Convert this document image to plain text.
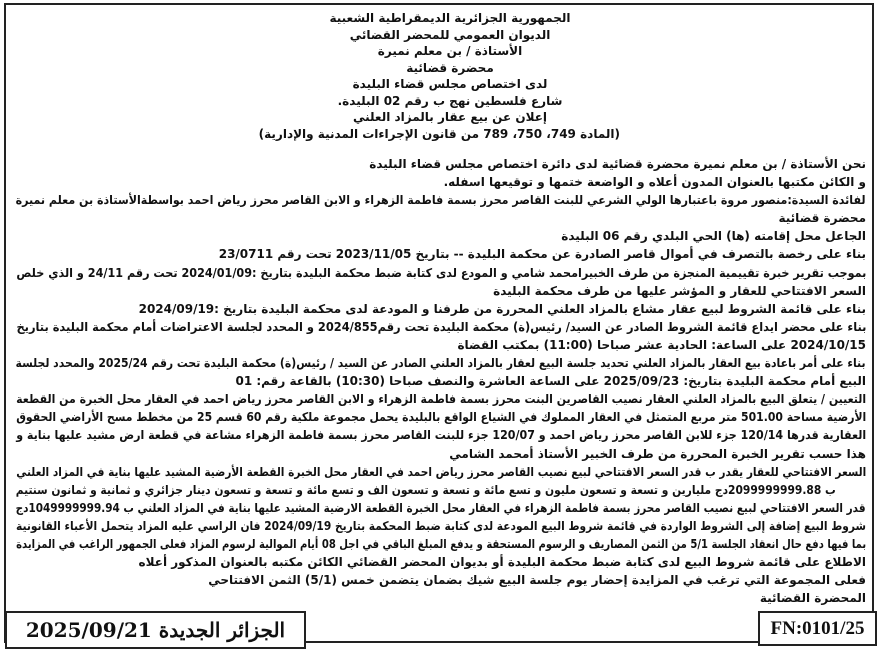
الجمهورية الجزائرية الديمقراطية الشعبية
الديوان العمومي للمحضر القضائي
الأستاذة / بن معلم نميرة
محضرة قضائية
لدى اختصاص مجلس قضاء البليدة
شارع فلسطين نهج ب رقم 02 البليدة.
إعلان عن بيع عقار بالمزاد العلني
(المادة 749، 750، 789 من قانون الإجراءات المدنية والإدارية)
نحن الأستاذة / بن معلم نميرة محضرة قضائية لدى دائرة اختصاص مجلس قضاء البليدة
و الكائن مكتبها بالعنوان المدون أعلاه و الواضعة ختمها و توقيعها اسفله.
لفائدة السيدة:منصور مروة باعتبارها الولي الشرعي للبنت القاصر محرز بسمة فاطمة الزهراء و الابن القاصر محرز رياض احمد بواسطةالأستاذة بن معلم نميرة
محضرة قضائية
الجاعل محل إقامته (ها) الحي البلدي رقم 06 البليدة
بناء على رخصة بالتصرف في أموال قاصر الصادرة عن محكمة البليدة -- بتاريخ 2023/11/05 تحت رقم 23/0711
بموجب تقرير خبرة تقييمية المنجزة من طرف الخبيرامحمد شامي و المودع لدى كتابة ضبط محكمة البليدة بتاريخ :2024/01/09 تحت رقم 24/11 و الذي خلص
السعر الافتتاحي للعقار و المؤشر عليها من طرف محكمة البليدة
بناء على قائمة الشروط لبيع عقار مشاع بالمزاد العلني المحررة من طرفنا و المودعة لدى محكمة البليدة بتاريخ :2024/09/19
بناء على محضر ايداع قائمة الشروط الصادر عن السيد/ رئيس(ة) محكمة البليدة تحت رقم2024/855 و المحدد لجلسة الاعتراضات أمام محكمة البليدة بتاريخ
2024/10/15 على الساعة: الحادية عشر صباحا (11:00) بمكتب القضاة
بناء على أمر باعادة بيع العقار بالمزاد العلني تحديد جلسة البيع لعقار بالمزاد العلني الصادر عن السيد / رئيس(ة) محكمة البليدة تحت رقم 2025/24 والمحدد لجلسة
البيع أمام محكمة البليدة بتاريخ: 2025/09/23 على الساعة العاشرة والنصف صباحا (10:30) بالقاعة رقم: 01
التعيين / يتعلق البيع بالمزاد العلني العقار نصيب القاصرين البنت محرز بسمة فاطمة الزهراء و الابن القاصر محرز رياض احمد في العقار محل الخبرة من القطعة
الأرضية مساحة 501.00 متر مربع المتمثل في العقار المملوك في الشياع الواقع بالبليدة يحمل مجموعة ملكية رقم 60 قسم 25 من مخطط مسح الأراضي الحقوق
العقارية قدرها 120/14 جزء للابن القاصر محرز رياض احمد و 120/07 جزء للبنت القاصر محرز بسمة فاطمة الزهراء مشاعة في قطعة ارض مشيد عليها بناية و
هذا حسب تقرير الخبرة المحررة من طرف الخبير الأستاذ أمحمد الشامي
السعر الافتتاحي للعقار يقدر ب قدر السعر الافتتاحي لبيع نصيب القاصر محرز رياض احمد في العقار محل الخبرة القطعة الأرضية المشيد عليها بناية في المزاد العلني
ب 2099999999.88دج مليارين و تسعة و تسعون مليون و تسع مائة و تسعة و تسعون الف و تسع مائة و تسعة و تسعون دينار جزائري و ثمانية و ثمانون سنتيم
قدر السعر الافتتاحي لبيع نصيب القاصر محرز بسمة فاطمة الزهراء في العقار محل الخبرة القطعة الارضية المشيد عليها بناية في المزاد العلني ب 1049999999.94دج
شروط البيع إضافة إلى الشروط الواردة في قائمة شروط البيع المودعة لدى كتابة ضبط المحكمة بتاريخ 2024/09/19 فان الراسي عليه المزاد يتحمل الأعباء القانونية
بما فيها دفع حال انعقاد الجلسة 5/1 من الثمن المصاريف و الرسوم المستحقة و يدفع المبلغ الباقي في اجل 08 أيام الموالية لرسوم المزاد فعلى الجمهور الراغب في المزايدة
الاطلاع على قائمة شروط البيع لدى كتابة ضبط محكمة البليدة أو بديوان المحضر القضائي الكائن مكتبه بالعنوان المذكور أعلاه
فعلى المجموعة التي ترغب في المزايدة إحضار يوم جلسة البيع شيك بضمان يتضمن خمس (5/1) الثمن الافتتاحي
المحضرة القضائية
الجزائر الجديدة 2025/09/21	FN:0101/25
